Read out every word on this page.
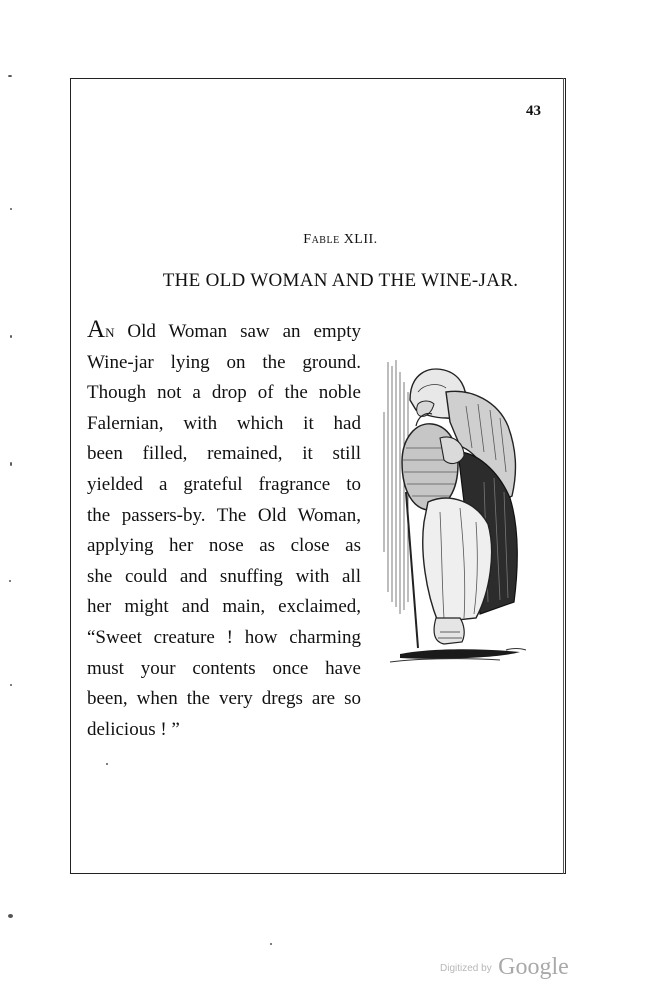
43
Fable XLII.
THE OLD WOMAN AND THE WINE-JAR.
An Old Woman saw an empty
Wine-jar lying on the ground.
Though not a drop of the noble
Falernian, with which it had
been filled, remained, it still
yielded a grateful fragrance to
the passers-by. The Old Woman,
applying her nose as close as
she could and snuffing with all
her might and main, exclaimed,
“Sweet creature ! how charming
must your contents once have
been, when the very dregs are so
delicious ! ”
Digitized by Google
